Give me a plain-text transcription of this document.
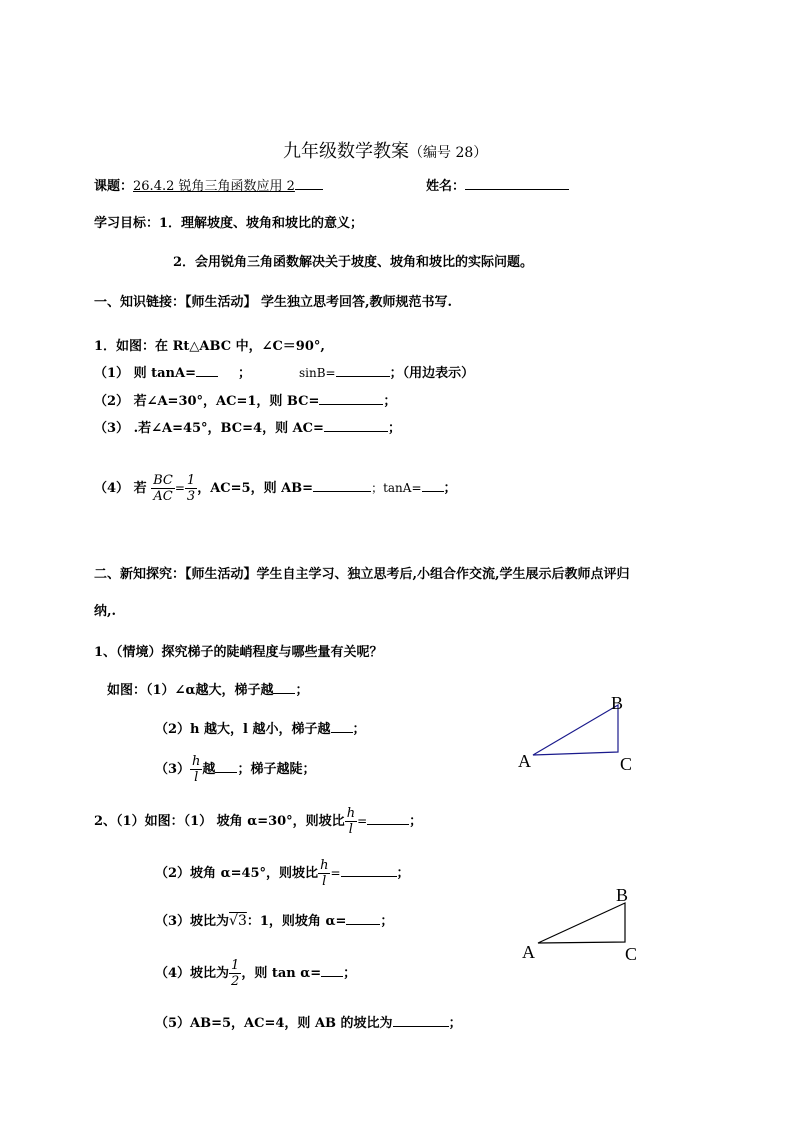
九年级数学教案（编号 28）
课题：26.4.2 锐角三角函数应用 2	姓名：
学习目标：1．理解坡度、坡角和坡比的意义；
2．会用锐角三角函数解决关于坡度、坡角和坡比的实际问题。
一、知识链接：【师生活动】 学生独立思考回答,教师规范书写.
1．如图：在 Rt△ABC 中，∠C＝90°,
（1） 则 tanA=	；	sinB=	；（用边表示）
（2） 若∠A=30°，AC=1，则 BC=	；
（3） .若∠A=45°，BC=4，则 AC=	；
（4） 若 $\frac{BC}{AC} = \frac{1}{3}$ ，AC=5，则 AB=	；tanA= ；
二、新知探究：【师生活动】学生自主学习、独立思考后,小组合作交流,学生展示后教师点评归
纳,.
1、（情境）探究梯子的陡峭程度与哪些量有关呢？
如图：（1）∠α越大，梯子越 ；
（2）h 越大，l 越小，梯子越 ；
$(3) \frac{h}{l}$ 越 ；梯子越陡；
2、（1）如图：（1） 坡角 α=30°，则坡比 $\frac{h}{l}$ =	；
（2）坡角 α=45°，则坡比 $\frac{h}{l}$ =	；
（3）坡比为√3：1，则坡角 α=	；
（4）坡比为 $\frac{1}{2}$ ，则 tan α= ；
（5）AB=5，AC=4，则 AB 的坡比为	；
B
A	C
B
A	C
